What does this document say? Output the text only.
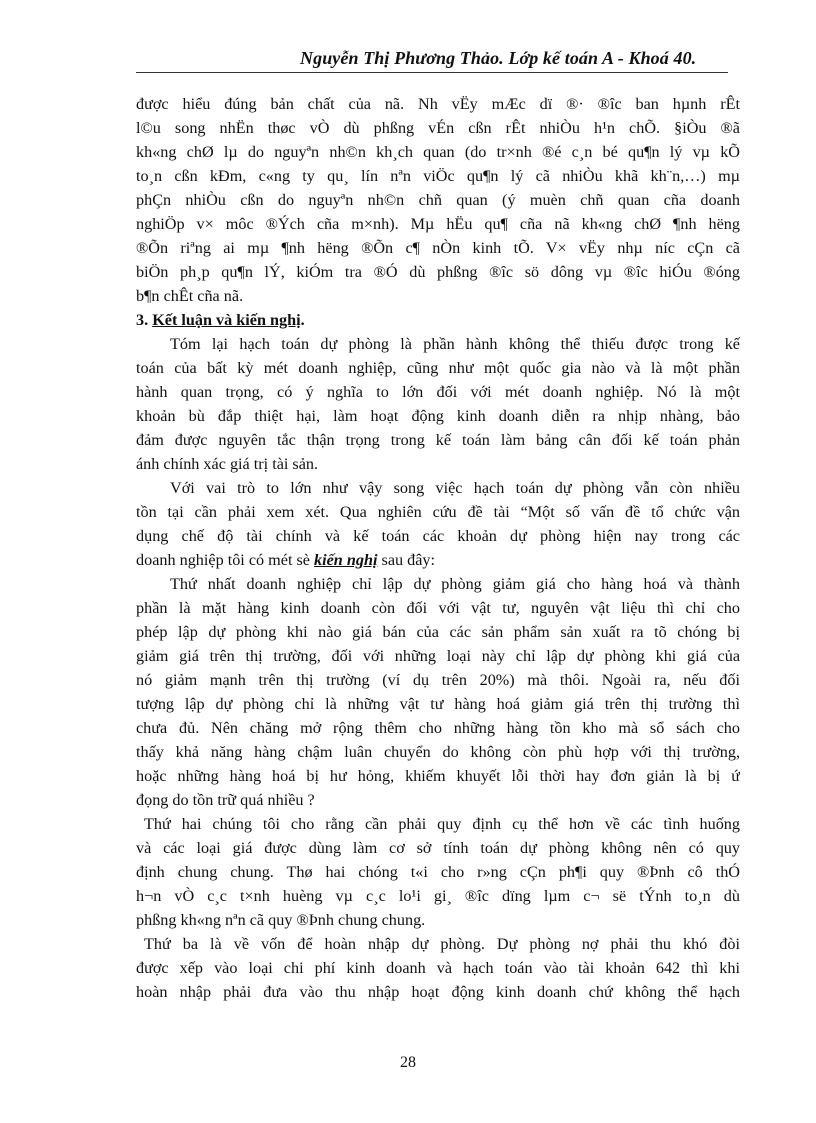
Nguyễn Thị Phương Thảo. Lớp kế toán A - Khoá 40.
được hiểu đúng bản chất của nã. Nh vËy mÆc dï ®· ®îc ban hµnh rÊt
l©u song nhËn thøc vÒ dù phßng vÉn cßn rÊt nhiÒu h¹n chÕ. §iÒu ®ã
kh«ng chØ lµ do nguyªn nh©n kh¸ch quan (do tr×nh ®é c¸n bé qu¶n lý vµ kÕ
to¸n cßn kÐm, c«ng ty qu¸ lín nªn viÖc qu¶n lý cã nhiÒu khã kh¨n,…) mµ
phÇn nhiÒu cßn do nguyªn nh©n chñ quan (ý muèn chñ quan cña doanh
nghiÖp v× môc ®Ých cña m×nh). Mµ hËu qu¶ cña nã kh«ng chØ ¶nh hëng
®Õn riªng ai mµ ¶nh hëng ®Õn c¶ nÒn kinh tÕ. V× vËy nhµ níc cÇn cã
biÖn ph¸p qu¶n lÝ, kiÓm tra ®Ó dù phßng ®îc sö dông vµ ®îc hiÓu ®óng
b¶n chÊt cña nã.
3. Kết luận và kiến nghị.
Tóm lại hạch toán dự phòng là phần hành không thể thiếu được trong kế
toán của bất kỳ mét doanh nghiệp, cũng như một quốc gia nào và là một phần
hành quan trọng, có ý nghĩa to lớn đối với mét doanh nghiệp. Nó là một
khoản bù đắp thiệt hại, làm hoạt động kinh doanh diễn ra nhịp nhàng, bảo
đảm được nguyên tắc thận trọng trong kế toán làm bảng cân đối kế toán phản
ánh chính xác giá trị tài sản.
Với vai trò to lớn như vậy song việc hạch toán dự phòng vẫn còn nhiều
tồn tại cần phải xem xét. Qua nghiên cứu đề tài “Một số vấn đề tổ chức vận
dụng chế độ tài chính và kế toán các khoản dự phòng hiện nay trong các
doanh nghiệp tôi có mét sè kiến nghị sau đây:
Thứ nhất doanh nghiệp chỉ lập dự phòng giảm giá cho hàng hoá và thành
phần là mặt hàng kinh doanh còn đối với vật tư, nguyên vật liệu thì chỉ cho
phép lập dự phòng khi nào giá bán của các sản phẩm sản xuất ra tõ chóng bị
giảm giá trên thị trường, đối với những loại này chỉ lập dự phòng khi giá của
nó giảm mạnh trên thị trường (ví dụ trên 20%) mà thôi. Ngoài ra, nếu đối
tượng lập dự phòng chỉ là những vật tư hàng hoá giảm giá trên thị trường thì
chưa đủ. Nên chăng mở rộng thêm cho những hàng tồn kho mà sổ sách cho
thấy khả năng hàng chậm luân chuyển do không còn phù hợp với thị trường,
hoặc những hàng hoá bị hư hỏng, khiếm khuyết lỗi thời hay đơn giản là bị ứ
đọng do tồn trữ quá nhiều ?
Thứ hai chúng tôi cho rằng cần phải quy định cụ thể hơn về các tình huống
và các loại giá được dùng làm cơ sở tính toán dự phòng không nên có quy
định chung chung. Thø hai chóng t«i cho r»ng cÇn ph¶i quy ®Þnh cô thÓ
h¬n vÒ c¸c t×nh huèng vµ c¸c lo¹i gi¸ ®îc dïng lµm c¬ së tÝnh to¸n dù
phßng kh«ng nªn cã quy ®Þnh chung chung.
Thứ ba là về vốn để hoàn nhập dự phòng. Dự phòng nợ phải thu khó đòi
được xếp vào loại chi phí kinh doanh và hạch toán vào tài khoản 642 thì khi
hoàn nhập phải đưa vào thu nhập hoạt động kinh doanh chứ không thể hạch
28
